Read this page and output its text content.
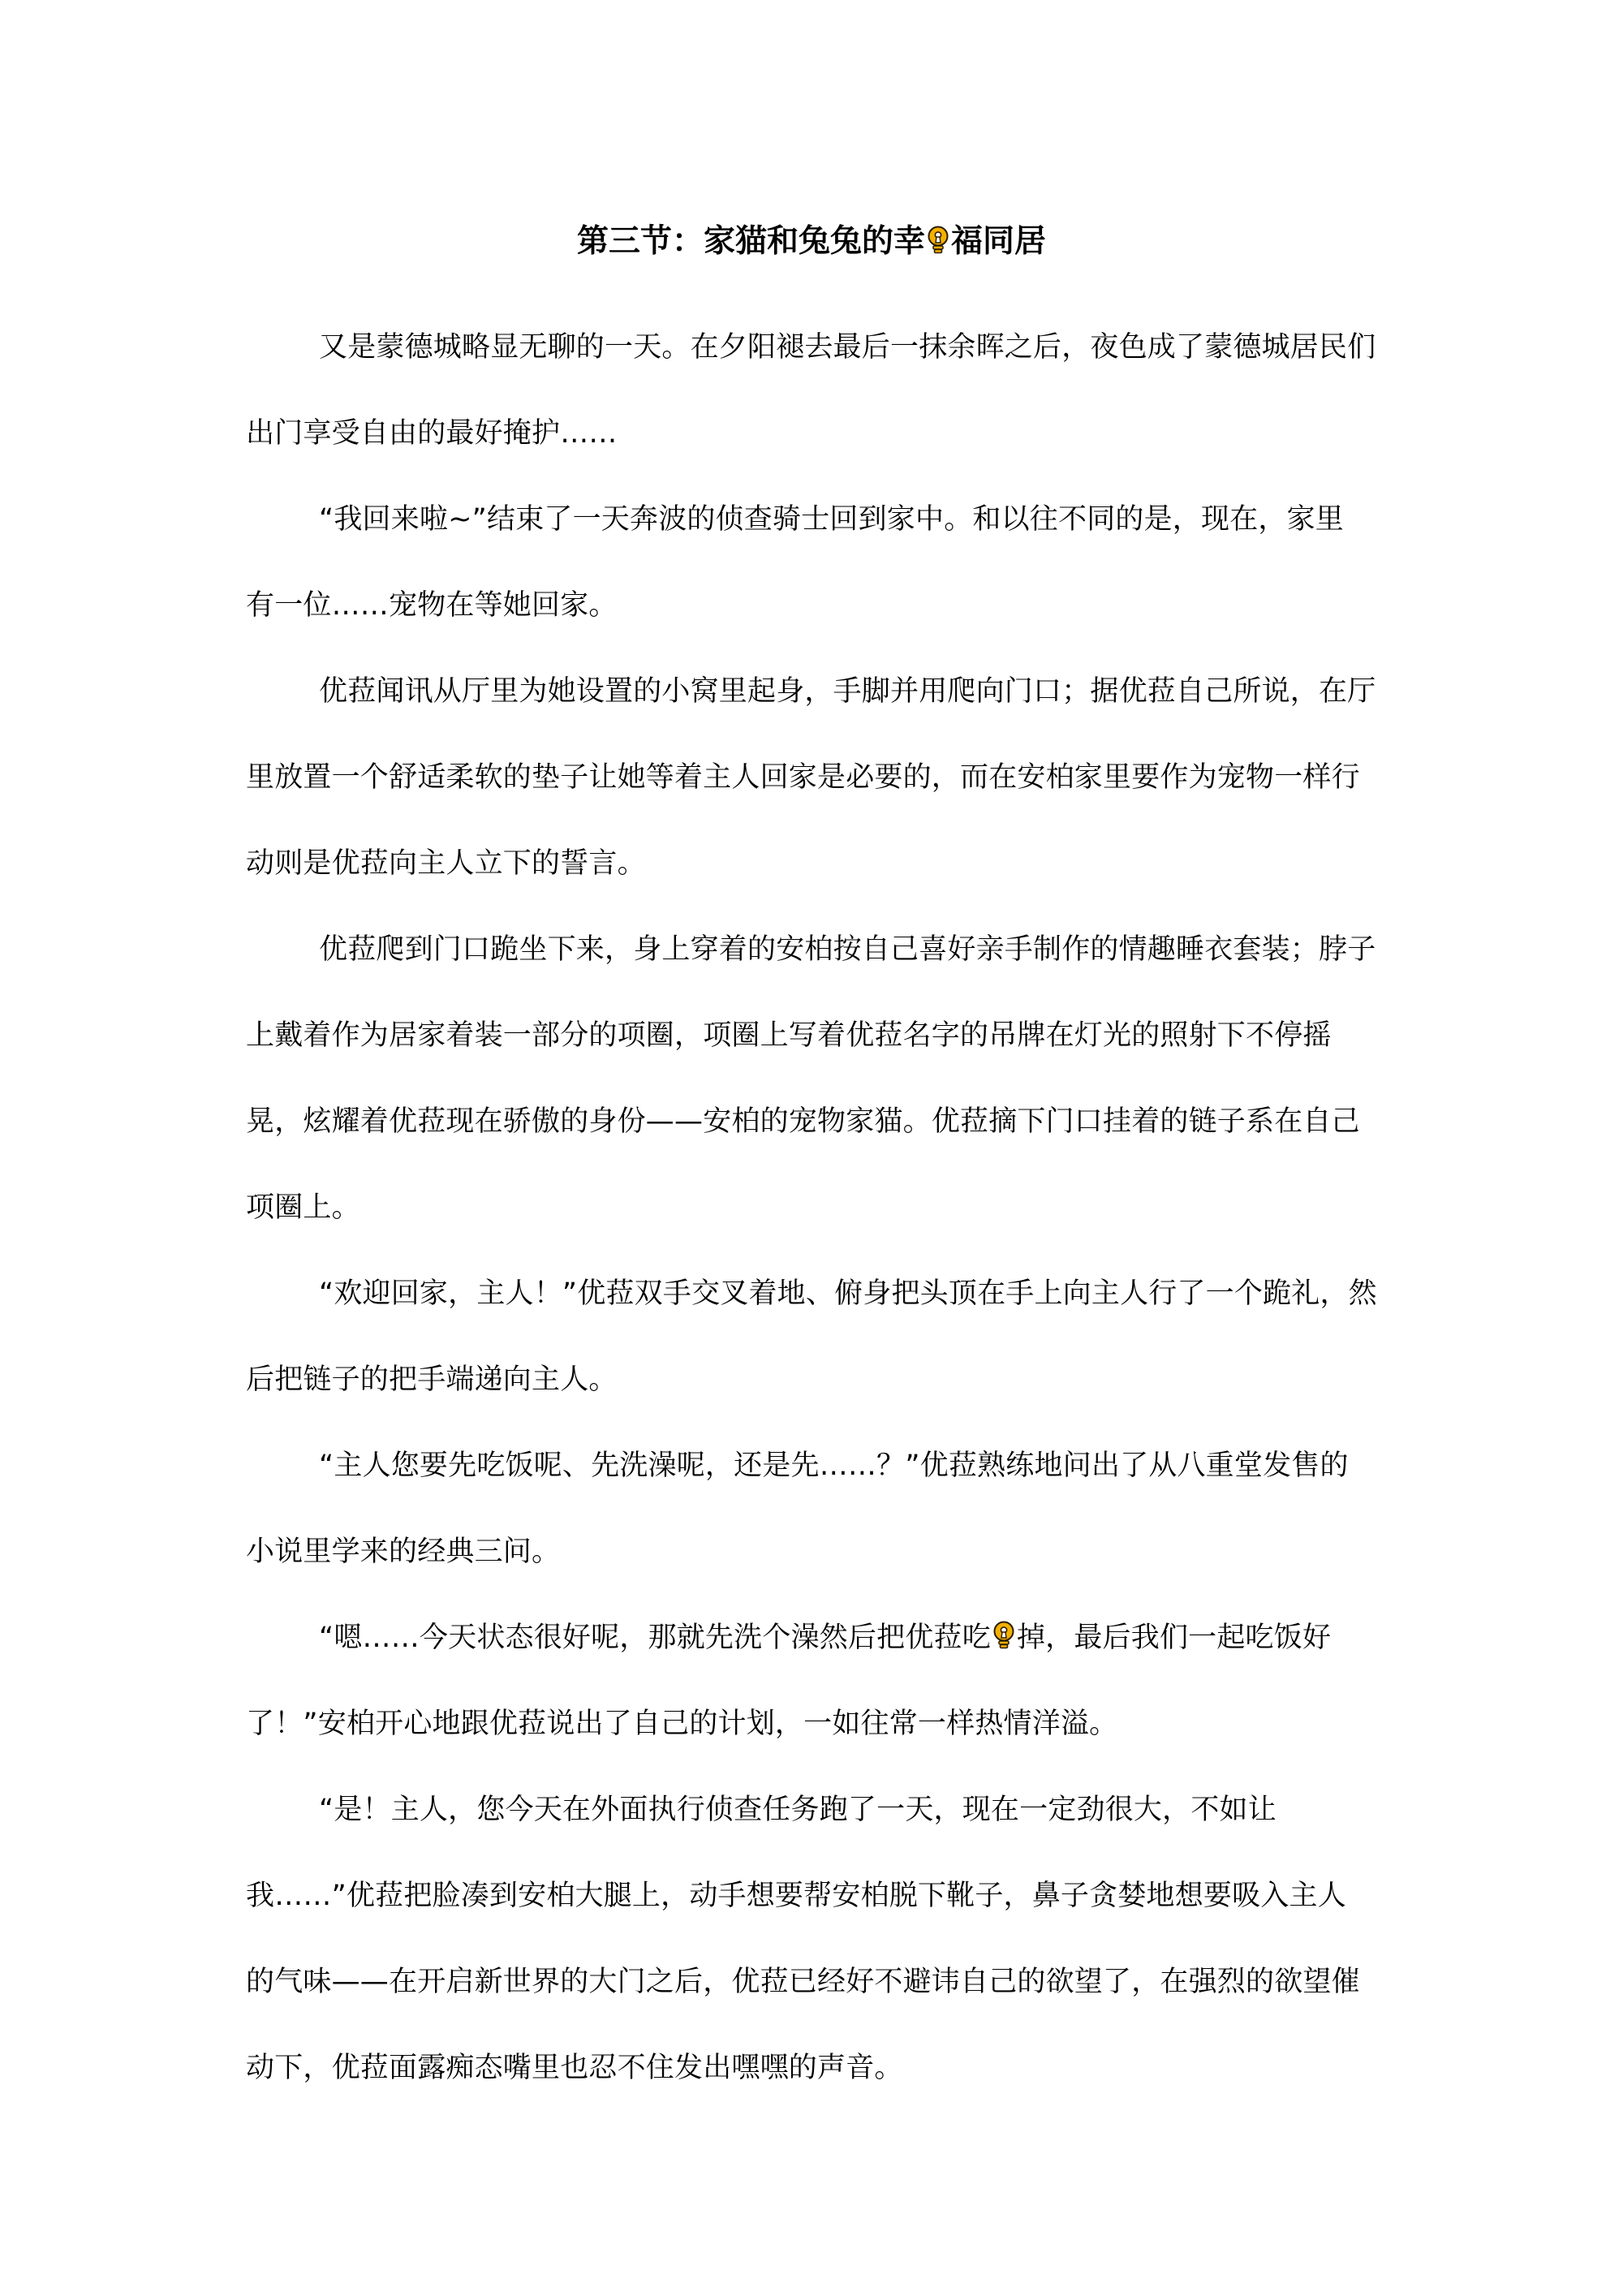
第三节：家猫和兔兔的幸 福同居

又是蒙德城略显无聊的一天。在夕阳褪去最后一抹余晖之后，夜色成了蒙德城居民们
出门享受自由的最好掩护……

“我回来啦~”结束了一天奔波的侦查骑士回到家中。和以往不同的是，现在，家里
有一位……宠物在等她回家。

优菈闻讯从厅里为她设置的小窝里起身，手脚并用爬向门口；据优菈自己所说，在厅
里放置一个舒适柔软的垫子让她等着主人回家是必要的，而在安柏家里要作为宠物一样行
动则是优菈向主人立下的誓言。

优菈爬到门口跪坐下来，身上穿着的安柏按自己喜好亲手制作的情趣睡衣套装；脖子
上戴着作为居家着装一部分的项圈，项圈上写着优菈名字的吊牌在灯光的照射下不停摇
晃，炫耀着优菈现在骄傲的身份——安柏的宠物家猫。优菈摘下门口挂着的链子系在自己
项圈上。

“欢迎回家，主人！”优菈双手交叉着地、俯身把头顶在手上向主人行了一个跪礼，然
后把链子的把手端递向主人。

“主人您要先吃饭呢、先洗澡呢，还是先……？”优菈熟练地问出了从八重堂发售的
小说里学来的经典三问。

“嗯……今天状态很好呢，那就先洗个澡然后把优菈吃 掉，最后我们一起吃饭好
了！”安柏开心地跟优菈说出了自己的计划，一如往常一样热情洋溢。

“是！主人，您今天在外面执行侦查任务跑了一天，现在一定劲很大，不如让
我……”优菈把脸凑到安柏大腿上，动手想要帮安柏脱下靴子，鼻子贪婪地想要吸入主人
的气味——在开启新世界的大门之后，优菈已经好不避讳自己的欲望了，在强烈的欲望催
动下，优菈面露痴态嘴里也忍不住发出嘿嘿的声音。
